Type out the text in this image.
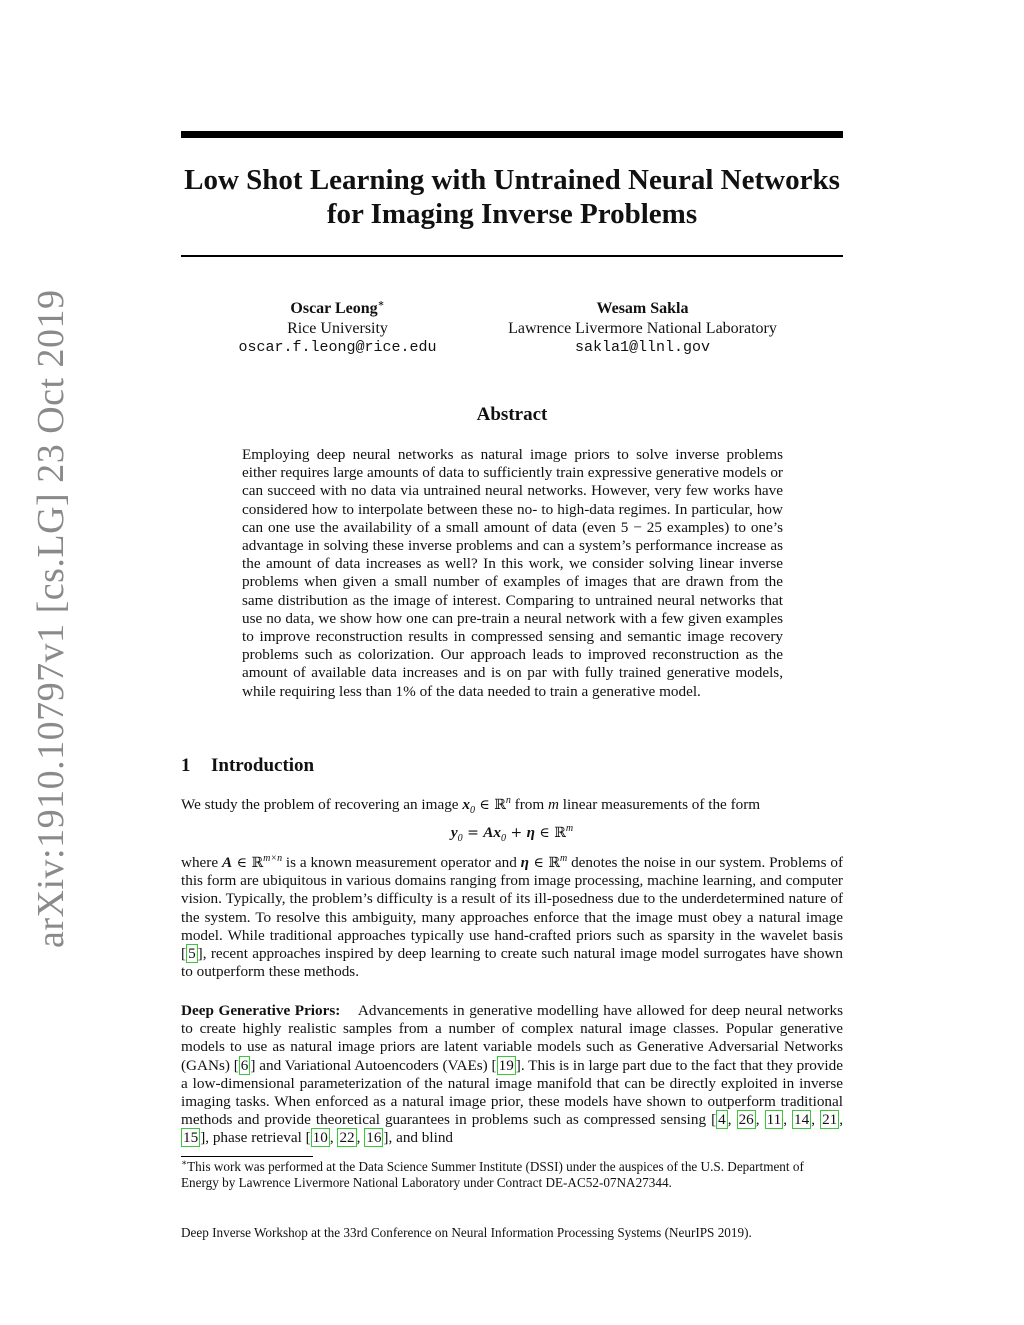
arXiv:1910.10797v1 [cs.LG] 23 Oct 2019
Low Shot Learning with Untrained Neural Networks
for Imaging Inverse Problems
Oscar Leong∗
Rice University
oscar.f.leong@rice.edu
Wesam Sakla
Lawrence Livermore National Laboratory
sakla1@llnl.gov
Abstract
Employing deep neural networks as natural image priors to solve inverse problems either requires large amounts of data to sufficiently train expressive generative models or can succeed with no data via untrained neural networks. However, very few works have considered how to interpolate between these no- to high-data regimes. In particular, how can one use the availability of a small amount of data (even 5 − 25 examples) to one’s advantage in solving these inverse problems and can a system’s performance increase as the amount of data increases as well? In this work, we consider solving linear inverse problems when given a small number of examples of images that are drawn from the same distribution as the image of interest. Comparing to untrained neural networks that use no data, we show how one can pre-train a neural network with a few given examples to improve reconstruction results in compressed sensing and semantic image recovery problems such as colorization. Our approach leads to improved reconstruction as the amount of available data increases and is on par with fully trained generative models, while requiring less than 1% of the data needed to train a generative model.
1 Introduction
We study the problem of recovering an image $x_0$ ∈ ℝ$^n$ from m linear measurements of the form
$y_0 = Ax_0 + \eta$ ∈ ℝ$^m$
where A ∈ ℝ$^{m\times n}$ is a known measurement operator and η ∈ ℝ$^m$ denotes the noise in our system. Problems of this form are ubiquitous in various domains ranging from image processing, machine learning, and computer vision. Typically, the problem’s difficulty is a result of its ill-posedness due to the underdetermined nature of the system. To resolve this ambiguity, many approaches enforce that the image must obey a natural image model. While traditional approaches typically use hand-crafted priors such as sparsity in the wavelet basis [ 5 ], recent approaches inspired by deep learning to create such natural image model surrogates have shown to outperform these methods.
Deep Generative Priors: Advancements in generative modelling have allowed for deep neural networks to create highly realistic samples from a number of complex natural image classes. Popular generative models to use as natural image priors are latent variable models such as Generative Adversarial Networks (GANs) [ 6 ] and Variational Autoencoders (VAEs) [ 19 ]. This is in large part due to the fact that they provide a low-dimensional parameterization of the natural image manifold that can be directly exploited in inverse imaging tasks. When enforced as a natural image prior, these models have shown to outperform traditional methods and provide theoretical guarantees in problems such as compressed sensing [ 4 , 26 , 11 , 14 , 21 , 15 ], phase retrieval [ 10 , 22 , 16 ], and blind
∗This work was performed at the Data Science Summer Institute (DSSI) under the auspices of the U.S. Department of Energy by Lawrence Livermore National Laboratory under Contract DE-AC52-07NA27344.
Deep Inverse Workshop at the 33rd Conference on Neural Information Processing Systems (NeurIPS 2019).
